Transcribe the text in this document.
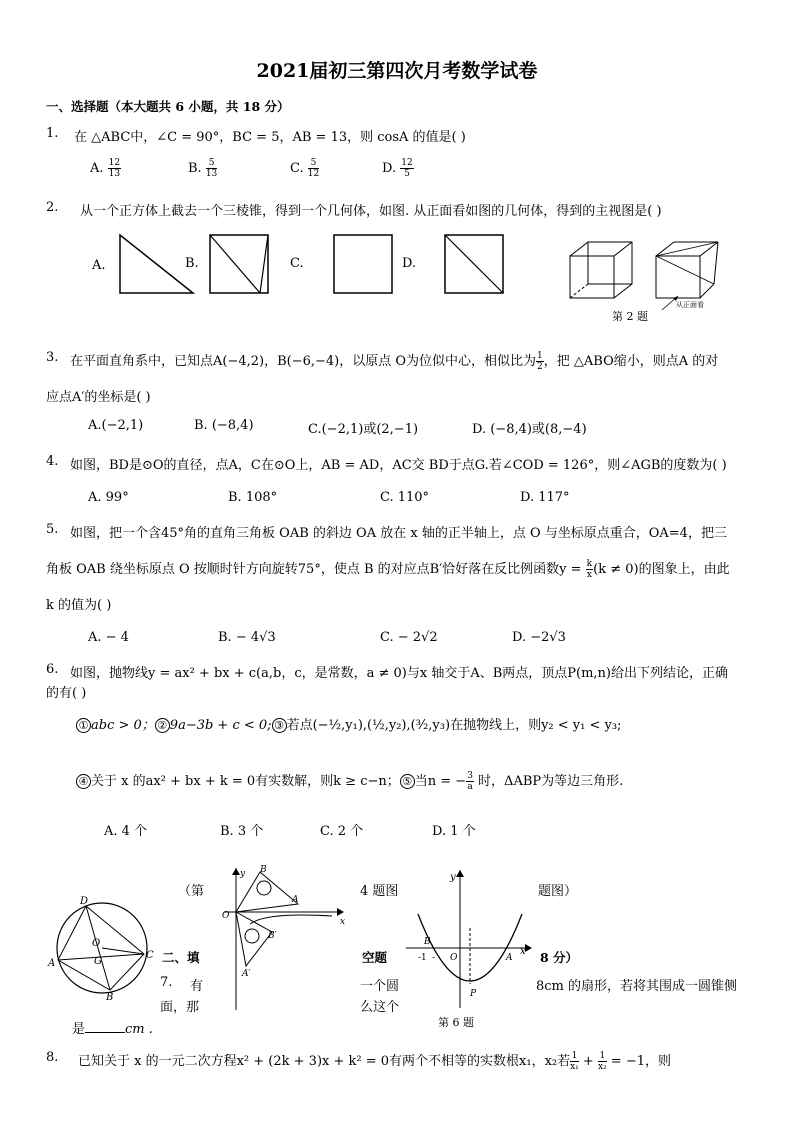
2021届初三第四次月考数学试卷
一、选择题（本大题共 6 小题，共 18 分）
1. 在 △ABC中，∠C = 90°，BC = 5，AB = 13，则 cosA 的值是( )
A. $\frac{12}{13}$	B. $\frac{5}{13}$	C. $\frac{5}{12}$	D. $\frac{12}{5}$
2. 从一个正方体上截去一个三棱锥，得到一个几何体，如图. 从正面看如图的几何体，得到的主视图是( )
A.	B.	C.	D.
从正面看
第 2 题
3. 在平面直角系中，已知点A(−4,2)，B(−6,−4)，以原点 O为位似中心，相似比为 $\frac{1}{2}$ ，把 △ABO缩小，则点A 的对
应点A′的坐标是( )
A.(−2,1)	B. (−8,4)	C.(−2,1)或(2,−1)	D. (−8,4)或(8,−4)
4. 如图，BD是⊙O的直径，点A，C在⊙O上，AB = AD，AC交 BD于点G.若∠COD = 126°，则∠AGB的度数为( )
A. 99°	B. 108°	C. 110°	D. 117°
5. 如图，把一个含45°角的直角三角板 OAB 的斜边 OA 放在 x 轴的正半轴上，点 O 与坐标原点重合，OA=4，把三
角板 OAB 绕坐标原点 O 按顺时针方向旋转75°，使点 B 的对应点B′恰好落在反比例函数$y = \frac{k}{x} (k \ne 0)$的图象上，由此
k 的值为( )
A. − 4	B. − 4√3	C. − 2√2	D. −2√3
6. 如图，抛物线y = ax² + bx + c(a,b，c，是常数，a ≠ 0)与x 轴交于A、B两点，顶点P(m,n)给出下列结论，正确
的有( )
① abc > 0； ② 9a−3b + c < 0; ③ 若点(−½,y₁),(½,y₂),(³⁄₂,y₃)在抛物线上，则y₂ < y₁ < y₃;
④ 关于 x 的ax² + bx + k = 0有实数解，则k ≥ c−n； ⑤ 当n = − $\frac{3}{a}$ 时，ΔABP为等边三角形.
A. 4 个	B. 3 个	C. 2 个	D. 1 个
（第	4 题图	题图）
D
O
G
A
B
C
y B
A
O
x
B′
A′
y
x
B
-1 - O	A
P
第 6 题
二、填	空题	8 分）
7. 有
面，那
一个圆
么这个
8cm 的扇形，若将其围成一圆锥侧
是	cm .
8. 已知关于 x 的一元二次方程x² + (2k + 3)x + k² = 0有两个不相等的实数根x₁，x₂若 $\frac{1}{\text{x₁}} + \frac{1}{\text{x₂}} = -1$，则
